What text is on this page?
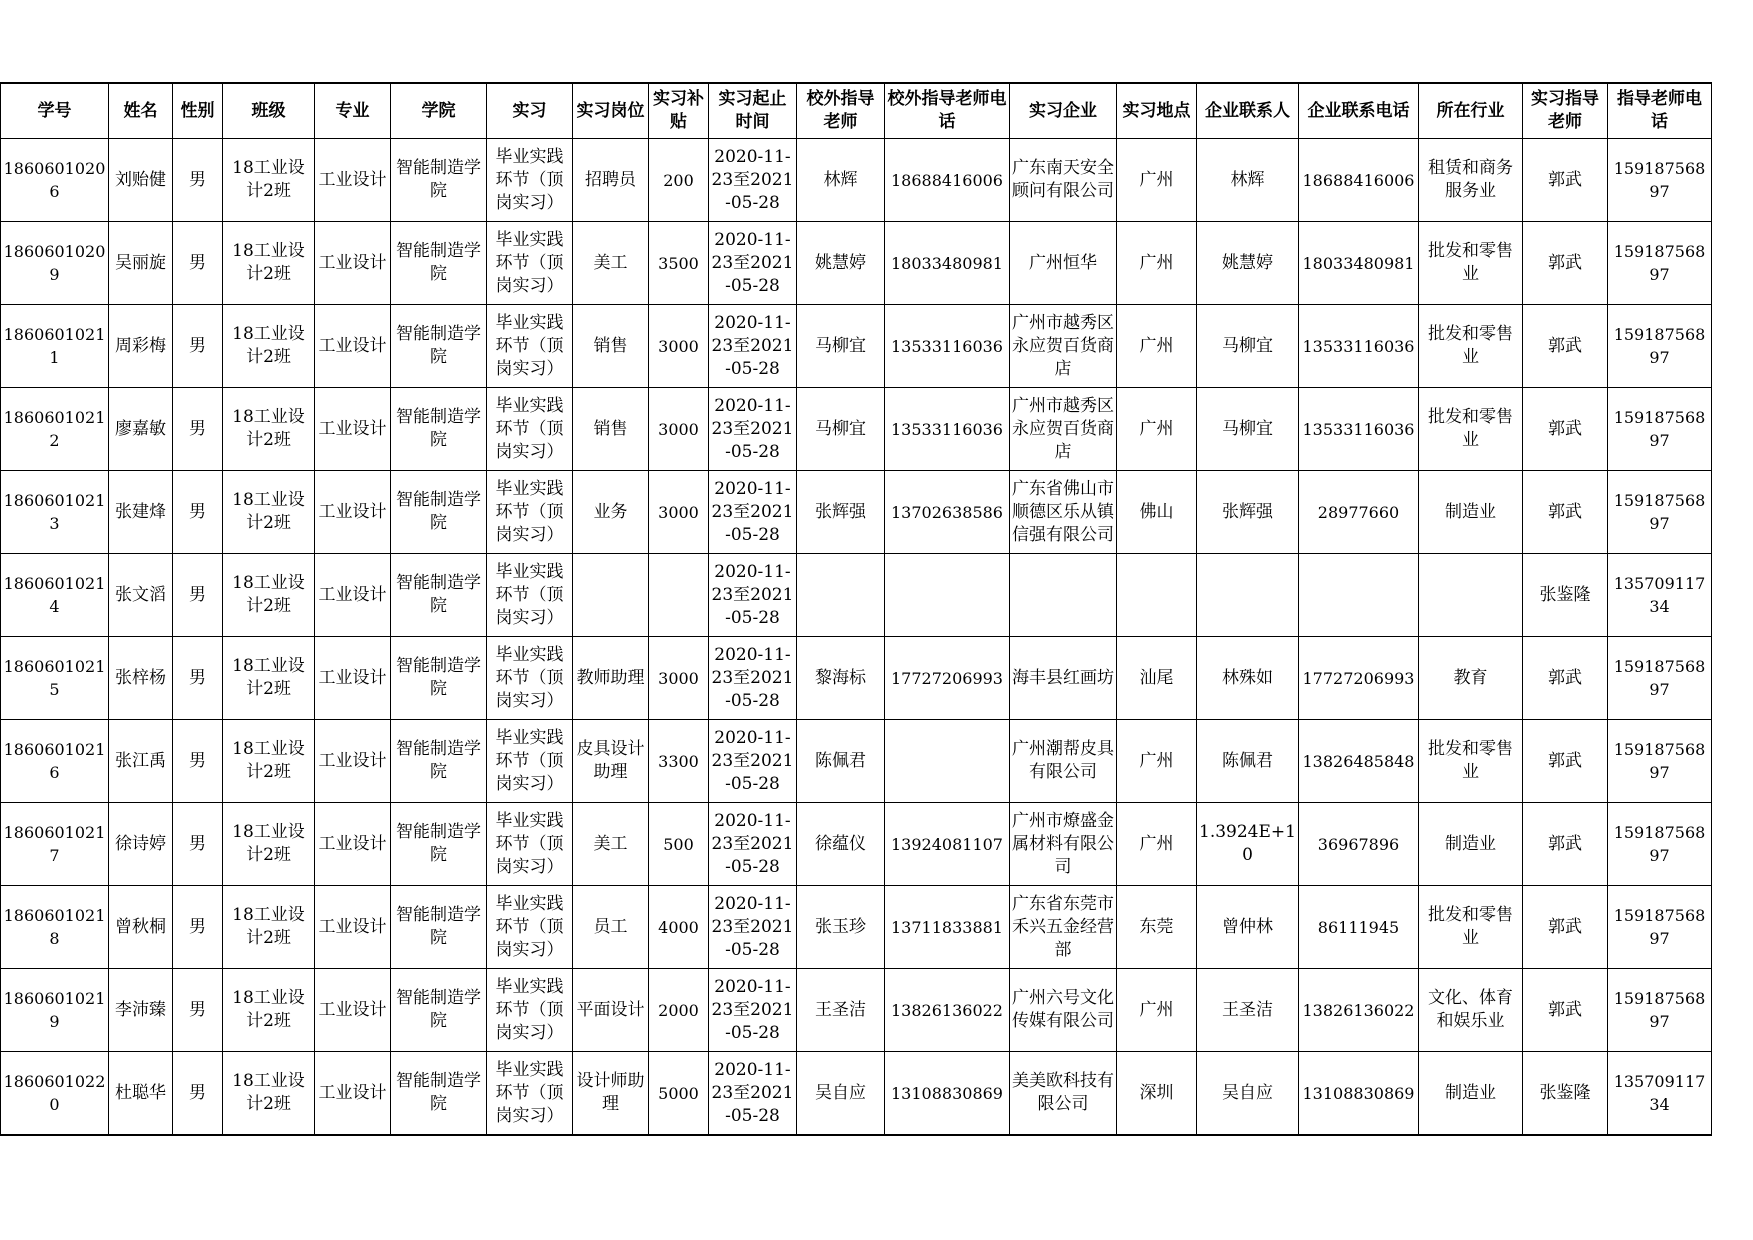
学号	姓名	性别	班级	专业	学院	实习	实习岗位	实习补贴	实习起止时间	校外指导老师	校外指导老师电话	实习企业	实习地点	企业联系人	企业联系电话	所在行业	实习指导老师	指导老师电话

18606010206	刘贻健	男	18工业设计2班	工业设计	智能制造学院	毕业实践环节（顶岗实习）	招聘员	200	2020-11-23至2021-05-28	林辉	18688416006	广东南天安全顾问有限公司	广州	林辉	18688416006	租赁和商务服务业	郭武	15918756897

18606010209	吴丽旋	男	18工业设计2班	工业设计	智能制造学院	毕业实践环节（顶岗实习）	美工	3500	2020-11-23至2021-05-28	姚慧婷	18033480981	广州恒华	广州	姚慧婷	18033480981	批发和零售业	郭武	15918756897

18606010211	周彩梅	男	18工业设计2班	工业设计	智能制造学院	毕业实践环节（顶岗实习）	销售	3000	2020-11-23至2021-05-28	马柳宜	13533116036	广州市越秀区永应贺百货商店	广州	马柳宜	13533116036	批发和零售业	郭武	15918756897

18606010212	廖嘉敏	男	18工业设计2班	工业设计	智能制造学院	毕业实践环节（顶岗实习）	销售	3000	2020-11-23至2021-05-28	马柳宜	13533116036	广州市越秀区永应贺百货商店	广州	马柳宜	13533116036	批发和零售业	郭武	15918756897

18606010213	张建烽	男	18工业设计2班	工业设计	智能制造学院	毕业实践环节（顶岗实习）	业务	3000	2020-11-23至2021-05-28	张辉强	13702638586	广东省佛山市顺德区乐从镇信强有限公司	佛山	张辉强	28977660	制造业	郭武	15918756897

18606010214	张文滔	男	18工业设计2班	工业设计	智能制造学院	毕业实践环节（顶岗实习）			2020-11-23至2021-05-28								张鉴隆	13570911734

18606010215	张梓杨	男	18工业设计2班	工业设计	智能制造学院	毕业实践环节（顶岗实习）	教师助理	3000	2020-11-23至2021-05-28	黎海标	17727206993	海丰县红画坊	汕尾	林殊如	17727206993	教育	郭武	15918756897

18606010216	张江禹	男	18工业设计2班	工业设计	智能制造学院	毕业实践环节（顶岗实习）	皮具设计助理	3300	2020-11-23至2021-05-28	陈佩君		广州潮帮皮具有限公司	广州	陈佩君	13826485848	批发和零售业	郭武	15918756897

18606010217	徐诗婷	男	18工业设计2班	工业设计	智能制造学院	毕业实践环节（顶岗实习）	美工	500	2020-11-23至2021-05-28	徐蕴仪	13924081107	广州市燎盛金属材料有限公司	广州	1.3924E+10	36967896	制造业	郭武	15918756897

18606010218	曾秋桐	男	18工业设计2班	工业设计	智能制造学院	毕业实践环节（顶岗实习）	员工	4000	2020-11-23至2021-05-28	张玉珍	13711833881	广东省东莞市禾兴五金经营部	东莞	曾仲林	86111945	批发和零售业	郭武	15918756897

18606010219	李沛臻	男	18工业设计2班	工业设计	智能制造学院	毕业实践环节（顶岗实习）	平面设计	2000	2020-11-23至2021-05-28	王圣洁	13826136022	广州六号文化传媒有限公司	广州	王圣洁	13826136022	文化、体育和娱乐业	郭武	15918756897

18606010220	杜聪华	男	18工业设计2班	工业设计	智能制造学院	毕业实践环节（顶岗实习）	设计师助理	5000	2020-11-23至2021-05-28	吴自应	13108830869	美美欧科技有限公司	深圳	吴自应	13108830869	制造业	张鉴隆	13570911734
